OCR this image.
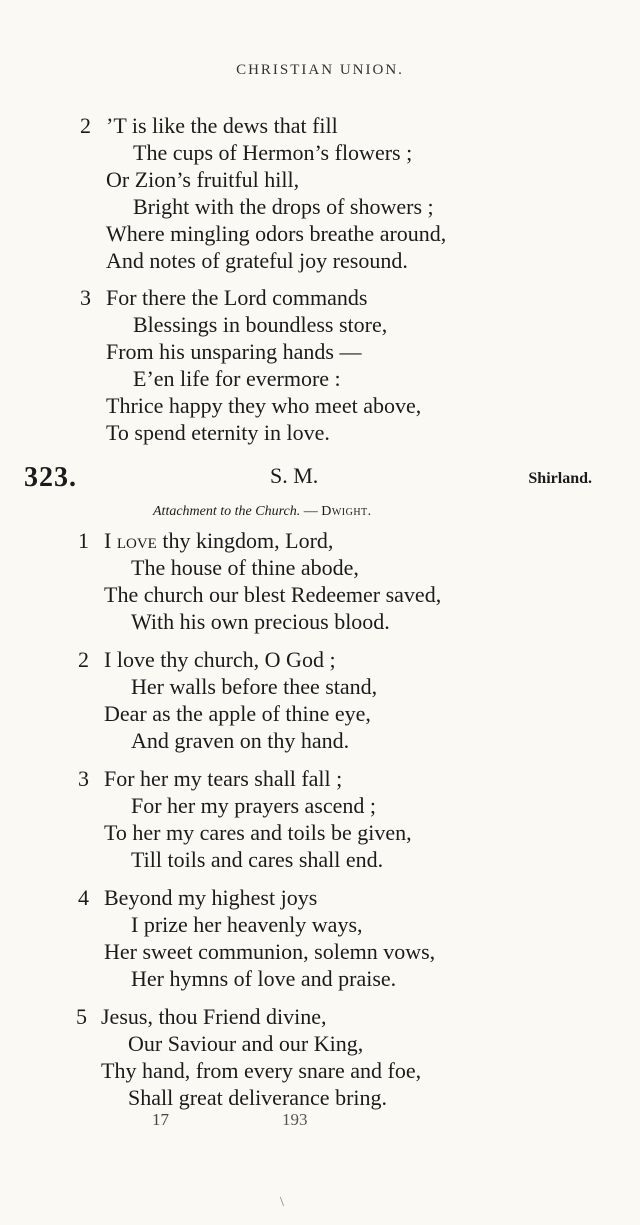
CHRISTIAN UNION.
2 ’T is like the dews that fill
The cups of Hermon’s flowers ;
Or Zion’s fruitful hill,
Bright with the drops of showers ;
Where mingling odors breathe around,
And notes of grateful joy resound.
3 For there the Lord commands
Blessings in boundless store,
From his unsparing hands —
E’en life for evermore :
Thrice happy they who meet above,
To spend eternity in love.
323.	S. M.	Shirland.
Attachment to the Church. — Dwight.
1 I love thy kingdom, Lord,
The house of thine abode,
The church our blest Redeemer saved,
With his own precious blood.
2 I love thy church, O God ;
Her walls before thee stand,
Dear as the apple of thine eye,
And graven on thy hand.
3 For her my tears shall fall ;
For her my prayers ascend ;
To her my cares and toils be given,
Till toils and cares shall end.
4 Beyond my highest joys
I prize her heavenly ways,
Her sweet communion, solemn vows,
Her hymns of love and praise.
5 Jesus, thou Friend divine,
Our Saviour and our King,
Thy hand, from every snare and foe,
Shall great deliverance bring.
17	193
\
